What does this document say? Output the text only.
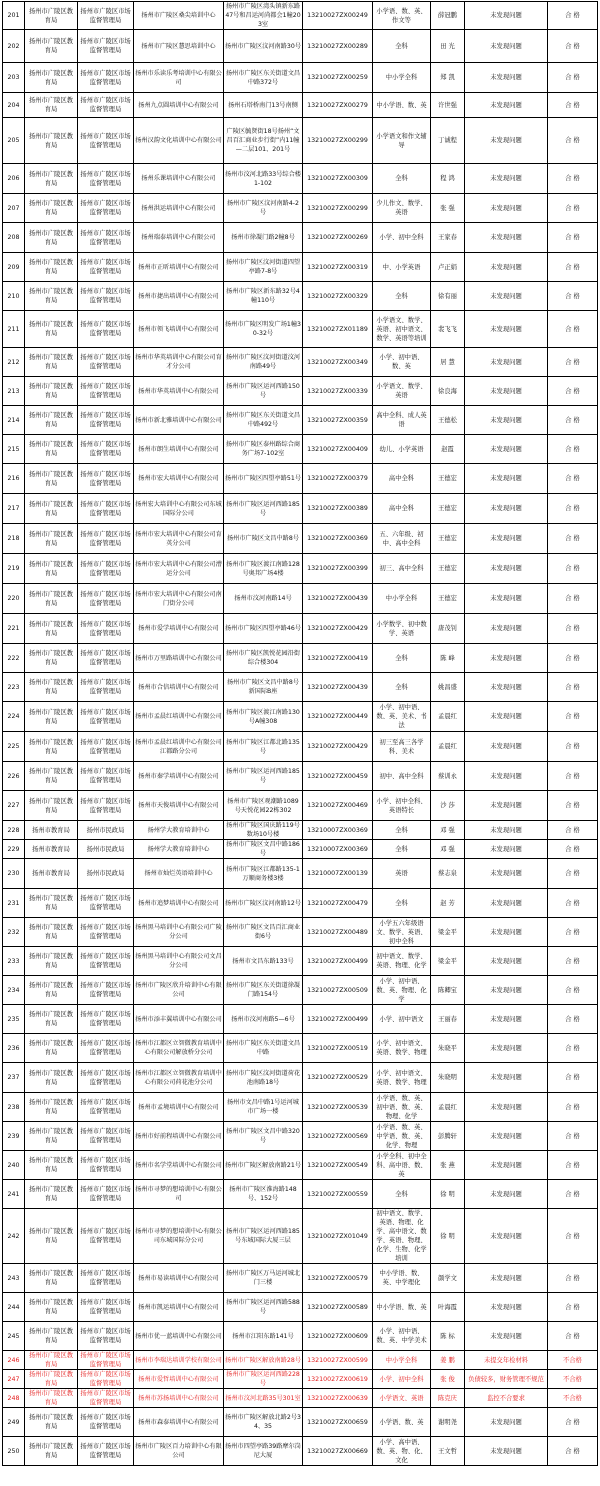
201	扬州市广陵区教育局	扬州市广陵区市场监督管理局	扬州市广陵区桑尖培训中心	扬州市广陵区湾头镇新东路47号和昌运河尚都会1幢203室	13210027ZX00249	小学语、数、英、作文等	薛冠鹏	未发现问题	合 格
202	扬州市广陵区教育局	扬州市广陵区市场监督管理局	扬州市广陵区慧思培训中心	扬州市广陵区汶河南路30号	13210027ZX00289	全科	田 光	未发现问题	合 格
203	扬州市广陵区教育局	扬州市广陵区市场监督管理局	扬州市乐读乐考培训中心有限公司	扬州市广陵区东关街道文昌中路372号	13210027ZX00259	中小学全科	郑 凯	未发现问题	合 格
204	扬州市广陵区教育局	扬州市广陵区市场监督管理局	扬州九点圆培训中心有限公司	扬州石塔桥南门13号南侧	13210027ZX00279	中小学语、数、英	许世强	未发现问题	合 格
205	扬州市广陵区教育局	扬州市广陵区市场监督管理局	扬州汉韵文化培训中心有限公司	广陵区毓贤街18号扬州“文昌百汇商业步行街”内11幢—二层101、201号	13210027ZX00299	小学语文和作文辅导	丁诚程	未发现问题	合 格
206	扬州市广陵区教育局	扬州市广陵区市场监督管理局	扬州乐课培训中心有限公司	扬州市汶河北路33号综合楼1-102	13210027ZX00309	全科	程 鸿	未发现问题	合 格
207	扬州市广陵区教育局	扬州市广陵区市场监督管理局	扬州洪运培训中心有限公司	扬州市广陵区汶河南路4-2号	13210027ZX00299	少儿作文、数学、英语	张 强	未发现问题	合 格
208	扬州市广陵区教育局	扬州市广陵区市场监督管理局	扬州瑞泰培训中心有限公司	扬州市徐凝门路2幢8号	13210027ZX00269	小学、初中全科	王家春	未发现问题	合 格
209	扬州市广陵区教育局	扬州市广陵区市场监督管理局	扬州市正昕培训中心有限公司	扬州市广陵区汶河街道四望亭路7-8号	13210027ZX00319	中、小学英语	卢正娟	未发现问题	合 格
210	扬州市广陵区教育局	扬州市广陵区市场监督管理局	扬州市捷出培训中心有限公司	扬州市广陵区新东路32号4幢110号	13210027ZX00329	全科	徐有丽	未发现问题	合 格
211	扬州市广陵区教育局	扬州市广陵区市场监督管理局	扬州市领飞培训中心有限公司	扬州市广陵区明发广场1幢30-32号	13210027ZX01189	小学语文、数学、英语、初中语文、数学、英语等培训	裴飞飞	未发现问题	合 格
212	扬州市广陵区教育局	扬州市广陵区市场监督管理局	扬州市华英培训中心有限公司育才分公司	扬州市广陵区汶河街道汶河南路49号	13210027ZX00349	小学、初中语、数、英	居 慧	未发现问题	合 格
213	扬州市广陵区教育局	扬州市广陵区市场监督管理局	扬州市华英培训中心有限公司	扬州市广陵区运河西路150号	13210027ZX00339	小学语文、数学、英语	徐良海	未发现问题	合 格
214	扬州市广陵区教育局	扬州市广陵区市场监督管理局	扬州市新北雅培训中心有限公司	扬州市广陵区东关街道文昌中路492号	13210027ZX00359	高中全科、成人英语	王德松	未发现问题	合 格
215	扬州市广陵区教育局	扬州市广陵区市场监督管理局	扬州市朗生培训中心有限公司	扬州市广陵区泰州路综合商务广场7-102室	13210027ZX00409	幼儿、小学英语	赵霞	未发现问题	合 格
216	扬州市广陵区教育局	扬州市广陵区市场监督管理局	扬州市宏大培训中心有限公司	扬州市广陵区四望亭路51号	13210027ZX00379	高中全科	王德宏	未发现问题	合 格
217	扬州市广陵区教育局	扬州市广陵区市场监督管理局	扬州宏大培训中心有限公司东城国际分公司	扬州市广陵区运河西路185号	13210027ZX00389	高中全科	王德宏	未发现问题	合 格
218	扬州市广陵区教育局	扬州市广陵区市场监督管理局	扬州市宏大培训中心有限公司育英分公司	扬州市广陵区文昌中路8号	13210027ZX00369	五、六年级、初中、高中全科	王德宏	未发现问题	合 格
219	扬州市广陵区教育局	扬州市广陵区市场监督管理局	扬州市宏大培训中心有限公司漕运分公司	扬州市广陵区渡江南路128号奥邦广场4楼	13210027ZX00399	初三、高中全科	王德宏	未发现问题	合 格
220	扬州市广陵区教育局	扬州市广陵区市场监督管理局	扬州市宏大培训中心有限公司南门街分公司	扬州市汶河南路14号	13210027ZX00439	中小学全科	王德宏	未发现问题	合 格
221	扬州市广陵区教育局	扬州市广陵区市场监督管理局	扬州市爱学培训中心有限公司	扬州市广陵区四望亭路46号	13210027ZX00429	小学数学、初中数学、英语	唐茂钊	未发现问题	合 格
222	扬州市广陵区教育局	扬州市广陵区市场监督管理局	扬州市万里路培训中心有限公司	扬州市广陵区凯悦花园沿街综合楼304	13210027ZX00419	全科	陈 峰	未发现问题	合 格
223	扬州市广陵区教育局	扬州市广陵区市场监督管理局	扬州市合信培训中心有限公司	扬州市广陵区文昌中路8号新国际B座	13210027ZX00439	全科	姚昌盛	未发现问题	合 格
224	扬州市广陵区教育局	扬州市广陵区市场监督管理局	扬州市孟晨红培训中心有限公司	扬州市广陵区渡江南路130号A幢308	13210027ZX00449	小学、初中语、数、英、美术、书法	孟晨红	未发现问题	合 格
225	扬州市广陵区教育局	扬州市广陵区市场监督管理局	扬州市孟晨红培训中心有限公司江都路分公司	扬州市广陵区江都北路135号	13210027ZX00429	初三至高三各学科、美术	孟晨红	未发现问题	合 格
226	扬州市广陵区教育局	扬州市广陵区市场监督管理局	扬州市秦学培训中心有限公司	扬州市广陵区运河西路185号	13210027ZX00459	初中、高中全科	蔡训永	未发现问题	合 格
227	扬州市广陵区教育局	扬州市广陵区市场监督管理局	扬州市天俊培训中心有限公司	扬州市广陵区观潮路1089号天悦花园22栋302	13210027ZX00469	小学、初中全科、英语特长	沙 莎	未发现问题	合 格
228	扬州市教育局	扬州市民政局	扬州学大教育培训中心	扬州市广陵区国庆路119号数场10号楼	13210007ZX00369	全科	邓 强	未发现问题	合 格
229	扬州市教育局	扬州市民政局	扬州学大教育培训中心	扬州市广陵区文昌中路186号	13210007ZX00369	全科	邓 强	未发现问题	合 格
230	扬州市教育局	扬州市民政局	扬州市灿烂英语培训中心	扬州市广陵区江都路135-1万顺商务楼3楼	13210007ZX00139	英语	蔡志泉	未发现问题	合 格
231	扬州市广陵区教育局	扬州市广陵区市场监督管理局	扬州市追梦培训中心有限公司	扬州市广陵区汶河南路12号	13210027ZX00479	全科	赵 芳	未发现问题	合 格
232	扬州市广陵区教育局	扬州市广陵区市场监督管理局	扬州黑马培训中心有限公司广陵分公司	扬州市广陵区文昌百汇商业街6号	13210027ZX00489	小学五六年级语文、数学、英语、初中全科	梁金平	未发现问题	合 格
233	扬州市广陵区教育局	扬州市广陵区市场监督管理局	扬州黑马培训中心有限公司文昌分公司	扬州市文昌东路133号	13210027ZX00499	初中语文、数学、英语、物理、化学	梁金平	未发现问题	合 格
234	扬州市广陵区教育局	扬州市广陵区市场监督管理局	扬州市广陵区欣升培训中心有限公司	扬州市广陵区东关街道徐凝门路154号	13210027ZX00509	小学、初中语、数、英、物理、化学	陈卿宝	未发现问题	合 格
235	扬州市广陵区教育局	扬州市广陵区市场监督管理局	扬州市添丰翼培训中心有限公司	扬州市汶河南路5—6号	13210027ZX00499	小学、初中语文	王丽春	未发现问题	合 格
236	扬州市广陵区教育局	扬州市广陵区市场监督管理局	扬州市江都区立智微教育培训中心有限公司解放桥分公司	扬州市广陵区东关街道文昌中路	13210027ZX00519	小学、初中语文、英语、数学、物理	朱晓平	未发现问题	合 格
237	扬州市广陵区教育局	扬州市广陵区市场监督管理局	扬州市江都区立智微教育培训中心有限公司荷花池分公司	扬州市广陵区汶河街道荷花池南路18号	13210027ZX00529	小学、初中语文、英语、数学、物理	朱晓明	未发现问题	合 格
238	扬州市广陵区教育局	扬州市广陵区市场监督管理局	扬州市孟境培训中心有限公司	扬州市文昌中路1号运河城市广场一楼	13210027ZX00539	小学语、数、英、初中语、数、英、物理、化学	孟晨红	未发现问题	合 格
239	扬州市广陵区教育局	扬州市广陵区市场监督管理局	扬州市好前程培训中心有限公司	扬州市广陵区文昌中路320号	13210027ZX00569	小学语、数、英、中学语、数、英、化学、物理	彭腾轩	未发现问题	合 格
240	扬州市广陵区教育局	扬州市广陵区市场监督管理局	扬州市名学堂培训中心有限公司	扬州市广陵区解放南路21号	13210027ZX00549	小学全科、初中全科、高中语、数、英	张 燕	未发现问题	合 格
241	扬州市广陵区教育局	扬州市广陵区市场监督管理局	扬州市寻梦的想培训中心有限公司	扬州市广陵区淮海路148号、152号	13210027ZX00559	全科	徐 明	未发现问题	合 格
242	扬州市广陵区教育局	扬州市广陵区市场监督管理局	扬州市寻梦的想培训中心有限公司东城国际分公司	扬州市广陵区运河西路185号东城国际大厦三层	13210027ZX01049	初中语文、数学、英语、物理、化学、高中语文、数学、英语、物理、化学、生物、化学培训	徐 明	未发现问题	合 格
243	扬州市广陵区教育局	扬州市广陵区市场监督管理局	扬州市易读培训中心有限公司	扬州市广陵区万马运河城北门三楼	13210027ZX00579	中小学语、数、英、中学理化	颜学文	未发现问题	合 格
244	扬州市广陵区教育局	扬州市广陵区市场监督管理局	扬州市凯运培训中心有限公司	扬州市广陵区运河西路588号	13210027ZX00589	中小学语、数、英	叶海霞	未发现问题	合 格
245	扬州市广陵区教育局	扬州市广陵区市场监督管理局	扬州市优一蓝培训中心有限公司	扬州市江阳东路141号	13210027ZX00609	小学、初中语、数、英、中学美术	陈 标	未发现问题	合 格
246	扬州市广陵区教育局	扬州市广陵区市场监督管理局	扬州市李瑞达培训学校有限公司	扬州市广陵区解放南路28号	13210027ZX00599	中小学全科	姜 鹏	未提交年检材料	不合格
247	扬州市广陵区教育局	扬州市广陵区市场监督管理局	扬州市爱哲培训中心有限公司	扬州市广陵区运河西路228号	13210027ZX00619	小学、初中全科	张 俊	负债较多，财务管理不规范	不合格
248	扬州市广陵区教育局	扬州市广陵区市场监督管理局	扬州市苏扬培训中心有限公司	扬州市汶河北路35号301室	13210027ZX00639	小学语文、英语	陈克庆	监控不合要求	不合格
249	扬州市广陵区教育局	扬州市广陵区市场监督管理局	扬州市森泰培训中心有限公司	扬州市广陵区解放北路2号34、35	13210027ZX00659	小学语、数、英	谢明尧	未发现问题	合 格
250	扬州市广陵区教育局	扬州市广陵区市场监督管理局	扬州市广陵区百力培训中心有限公司	扬州市四望亭路39路摩尔岗尼大厦	13210027ZX00669	小学、高中语、数、英、物、化、文化	王文哲	未发现问题	合 格
